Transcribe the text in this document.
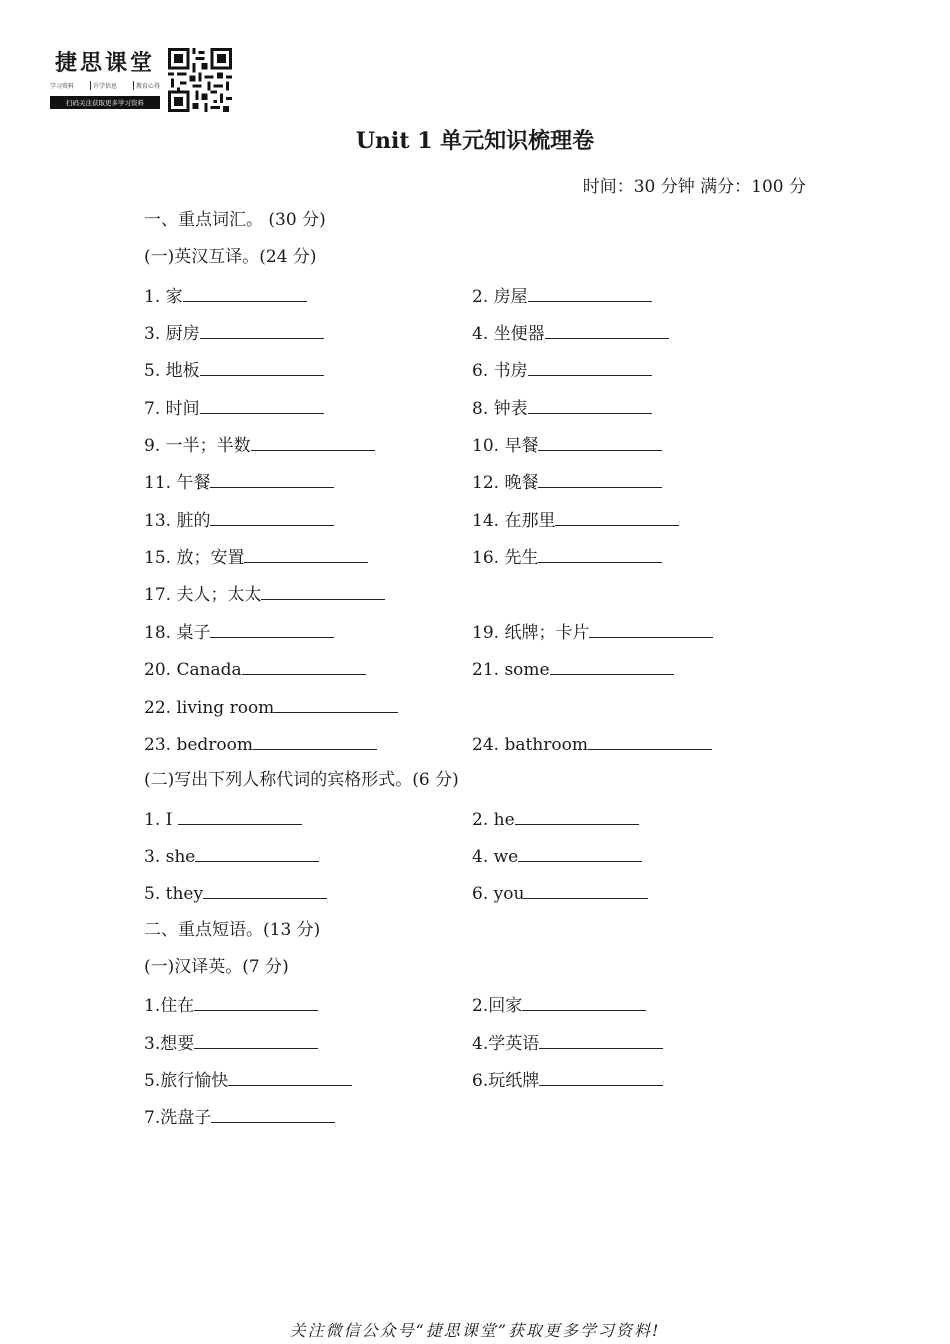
捷思课堂
学习资料	升学信息	教育心得
扫码关注获取更多学习资料
Unit 1 单元知识梳理卷
时间：30 分钟 满分：100 分
一、重点词汇。 (30 分)
(一)英汉互译。(24 分)
1. 家	2. 房屋
3. 厨房	4. 坐便器
5. 地板	6. 书房
7. 时间	8. 钟表
9. 一半；半数	10. 早餐
11. 午餐	12. 晚餐
13. 脏的	14. 在那里
15. 放；安置	16. 先生
17. 夫人；太太
18. 桌子	19. 纸牌；卡片
20. Canada	21. some
22. living room
23. bedroom	24. bathroom
(二)写出下列人称代词的宾格形式。(6 分)
1. I	2. he
3. she	4. we
5. they	6. you
二、重点短语。(13 分)
(一)汉译英。(7 分)
1.住在	2.回家
3.想要	4.学英语
5.旅行愉快	6.玩纸牌
7.洗盘子
关注微信公众号“捷思课堂”获取更多学习资料!
